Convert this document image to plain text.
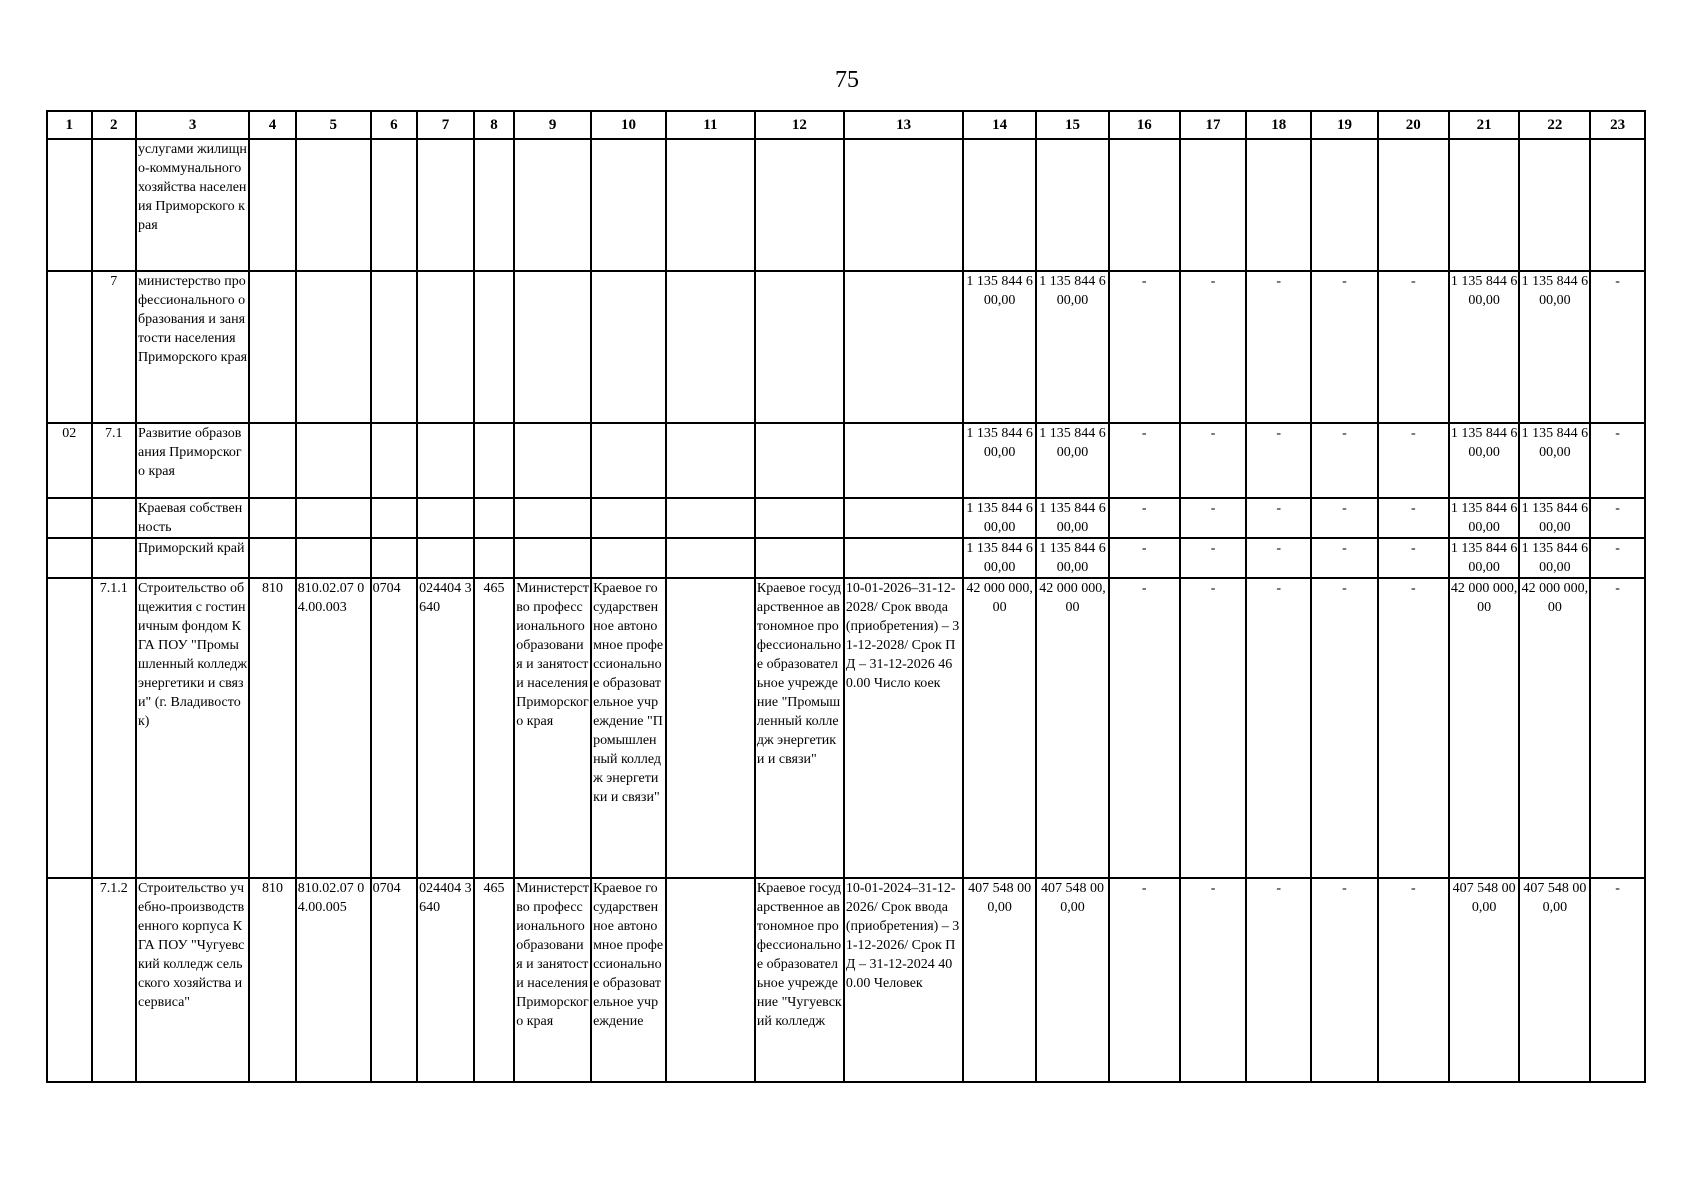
75
1	2	3	4	5	6	7	8	9	10	11	12	13	14	15	16	17	18	19	20	21	22	23
		услугами жилищно-коммунального хозяйства населения Приморского края																				
	7	министерство профессионального образования и занятости населения Приморского края											1 135 844 600,00	1 135 844 600,00	-	-	-	-	-	1 135 844 600,00	1 135 844 600,00	-
02	7.1	Развитие образования Приморского края											1 135 844 600,00	1 135 844 600,00	-	-	-	-	-	1 135 844 600,00	1 135 844 600,00	-
		Краевая собственность											1 135 844 600,00	1 135 844 600,00	-	-	-	-	-	1 135 844 600,00	1 135 844 600,00	-
		Приморский край											1 135 844 600,00	1 135 844 600,00	-	-	-	-	-	1 135 844 600,00	1 135 844 600,00	-
	7.1.1	Строительство общежития с гостиничным фондом КГА ПОУ "Промышленный колледж энергетики и связи" (г. Владивосток)	810	810.02.07 04.00.003	0704	024404 3640	465	Министерство профессионального образования и занятости населения Приморского края	Краевое государственное автономное профессиональное образовательное учреждение "Промышленный колледж энергетики и связи"		Краевое государственное автономное профессиональное образовательное учреждение "Промышленный колледж энергетики и связи"	10-01-2026–31-12-2028/ Срок ввода (приобретения) – 31-12-2028/ Срок ПД – 31-12-2026 460.00 Число коек	42 000 000,00	42 000 000,00	-	-	-	-	-	42 000 000,00	42 000 000,00	-
	7.1.2	Строительство учебно-производственного корпуса КГА ПОУ "Чугуевский колледж сельского хозяйства и сервиса"	810	810.02.07 04.00.005	0704	024404 3640	465	Министерство профессионального образования и занятости населения Приморского края	Краевое государственное автономное профессиональное образовательное учреждение		Краевое государственное автономное профессиональное образовательное учреждение "Чугуевский колледж	10-01-2024–31-12-2026/ Срок ввода (приобретения) – 31-12-2026/ Срок ПД – 31-12-2024 400.00 Человек	407 548 000,00	407 548 000,00	-	-	-	-	-	407 548 000,00	407 548 000,00	-
